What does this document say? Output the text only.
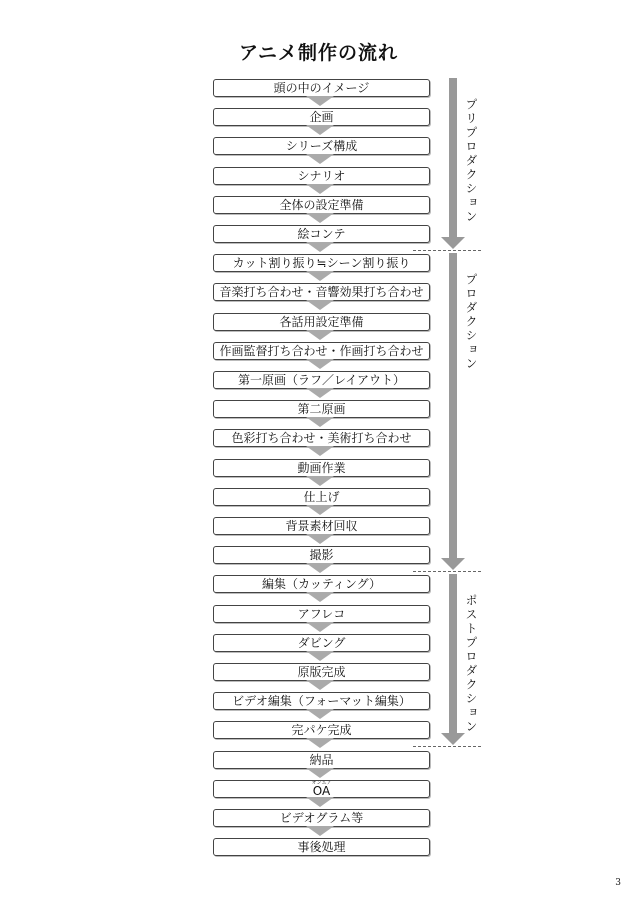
アニメ制作の流れ
頭の中のイメージ
企画
シリーズ構成
シナリオ
全体の設定準備
絵コンテ
カット割り振り≒シーン割り振り
音楽打ち合わせ・音響効果打ち合わせ
各話用設定準備
作画監督打ち合わせ・作画打ち合わせ
第一原画（ラフ／レイアウト）
第二原画
色彩打ち合わせ・美術打ち合わせ
動画作業
仕上げ
背景素材回収
撮影
編集（カッティング）
アフレコ
ダビング
原版完成
ビデオ編集（フォーマット編集）
完パケ完成
納品
オンエア
OA
ビデオグラム等
事後処理
プリプロダクション
プロダクション
ポストプロダクション
3
